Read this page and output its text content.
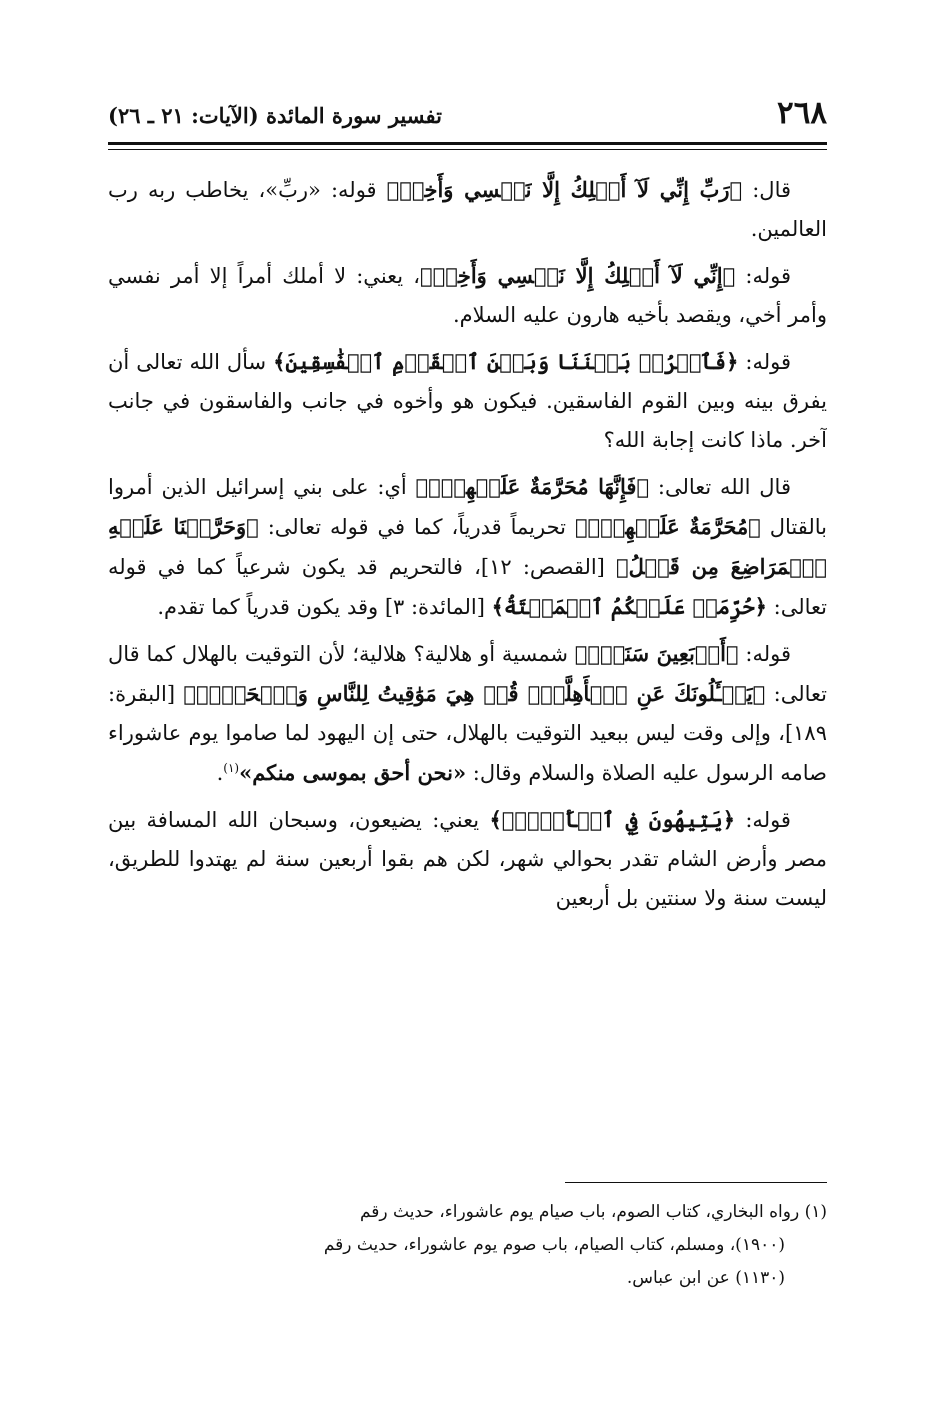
٢٦٨
تفسير سورة المائدة (الآيات: ٢١ ـ ٢٦)

قال: ﴿رَبِّ إِنِّي لَآ أَمۡلِكُ إِلَّا نَفۡسِي وَأَخِيۖ﴾ قوله: «ربِّ»، يخاطب ربه رب العالمين.

قوله: ﴿إِنِّي لَآ أَمۡلِكُ إِلَّا نَفۡسِي وَأَخِيۖ﴾، يعني: لا أملك أمراً إلا أمر نفسي وأمر أخي، ويقصد بأخيه هارون عليه السلام.

قوله: ﴿فَٱفۡرُقۡ بَيۡنَنَا وَبَيۡنَ ٱلۡقَوۡمِ ٱلۡفَٰسِقِينَ﴾ سأل الله تعالى أن يفرق بينه وبين القوم الفاسقين. فيكون هو وأخوه في جانب والفاسقون في جانب آخر. ماذا كانت إجابة الله؟

قال الله تعالى: ﴿فَإِنَّهَا مُحَرَّمَةٌ عَلَيۡهِمۡۛ﴾ أي: على بني إسرائيل الذين أمروا بالقتال ﴿مُحَرَّمَةٌ عَلَيۡهِمۡۛ﴾ تحريماً قدرياً، كما في قوله تعالى: ﴿وَحَرَّمۡنَا عَلَيۡهِ ٱلۡمَرَاضِعَ مِن قَبۡلُ﴾ [القصص: ١٢]، فالتحريم قد يكون شرعياً كما في قوله تعالى: ﴿حُرِّمَتۡ عَلَيۡكُمُ ٱلۡمَيۡتَةُ﴾ [المائدة: ٣] وقد يكون قدرياً كما تقدم.

قوله: ﴿أَرۡبَعِينَ سَنَةٗۛ﴾ شمسية أو هلالية؟ هلالية؛ لأن التوقيت بالهلال كما قال تعالى: ﴿يَسۡـَٔلُونَكَ عَنِ ٱلۡأَهِلَّةِۖ قُلۡ هِيَ مَوَٰقِيتُ لِلنَّاسِ وَٱلۡحَجِّۗ﴾ [البقرة: ١٨٩]، وإلى وقت ليس ببعيد التوقيت بالهلال، حتى إن اليهود لما صاموا يوم عاشوراء صامه الرسول عليه الصلاة والسلام وقال: «نحن أحق بموسى منكم»$^{(١)}$.

قوله: ﴿يَتِيهُونَ فِي ٱلۡأَرۡضِۚ﴾ يعني: يضيعون، وسبحان الله المسافة بين مصر وأرض الشام تقدر بحوالي شهر، لكن هم بقوا أربعين سنة لم يهتدوا للطريق، ليست سنة ولا سنتين بل أربعين

(١) رواه البخاري، كتاب الصوم، باب صيام يوم عاشوراء، حديث رقم

(١٩٠٠)، ومسلم، كتاب الصيام، باب صوم يوم عاشوراء، حديث رقم

(١١٣٠) عن ابن عباس.
